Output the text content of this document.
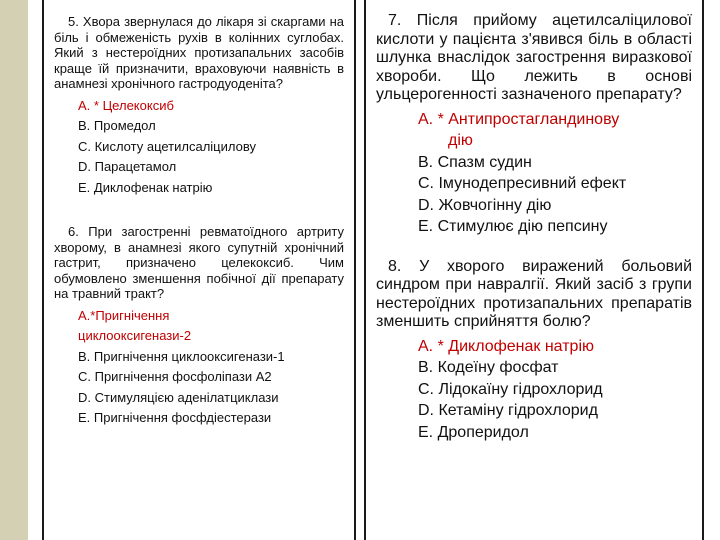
5. Хвора звернулася до лікаря зі скаргами на біль і обмеженість рухів в колінних суглобах. Який з нестероїдних протизапальних засобів краще їй призначити, враховуючи наявність в анамнезі хронічного гастродуоденіта?

A. * Целекоксиб
B. Промедол
C. Кислоту ацетилсаліцилову
D. Парацетамол
E. Диклофенак натрію

6. При загостренні ревматоїдного артриту хворому, в анамнезі якого супутній хронічний гастрит, призначено целекоксиб. Чим обумовлено зменшення побічної дії препарату на травний тракт?

A.*Пригнічення
циклооксигенази-2
B. Пригнічення циклооксигенази-1
C. Пригнічення фосфоліпази А2
D. Стимуляцією аденілатциклази
E. Пригнічення фосфдіестерази

7. Після прийому ацетилсаліцилової кислоти у пацієнта з'явився біль в області шлунка внаслідок загострення виразкової хвороби. Що лежить в основі ульцерогенності зазначеного препарату?

A. * Антипростагландинову
дію
B. Спазм судин
C. Імунодепресивний ефект
D. Жовчогінну дію
E. Стимулює дію пепсину

8. У хворого виражений больовий синдром при навралгії. Який засіб з групи нестероїдних протизапальних препаратів зменшить сприйняття болю?

A. * Диклофенак натрію
B. Кодеїну фосфат
C. Лідокаїну гідрохлорид
D. Кетаміну гідрохлорид
E. Дроперидол
